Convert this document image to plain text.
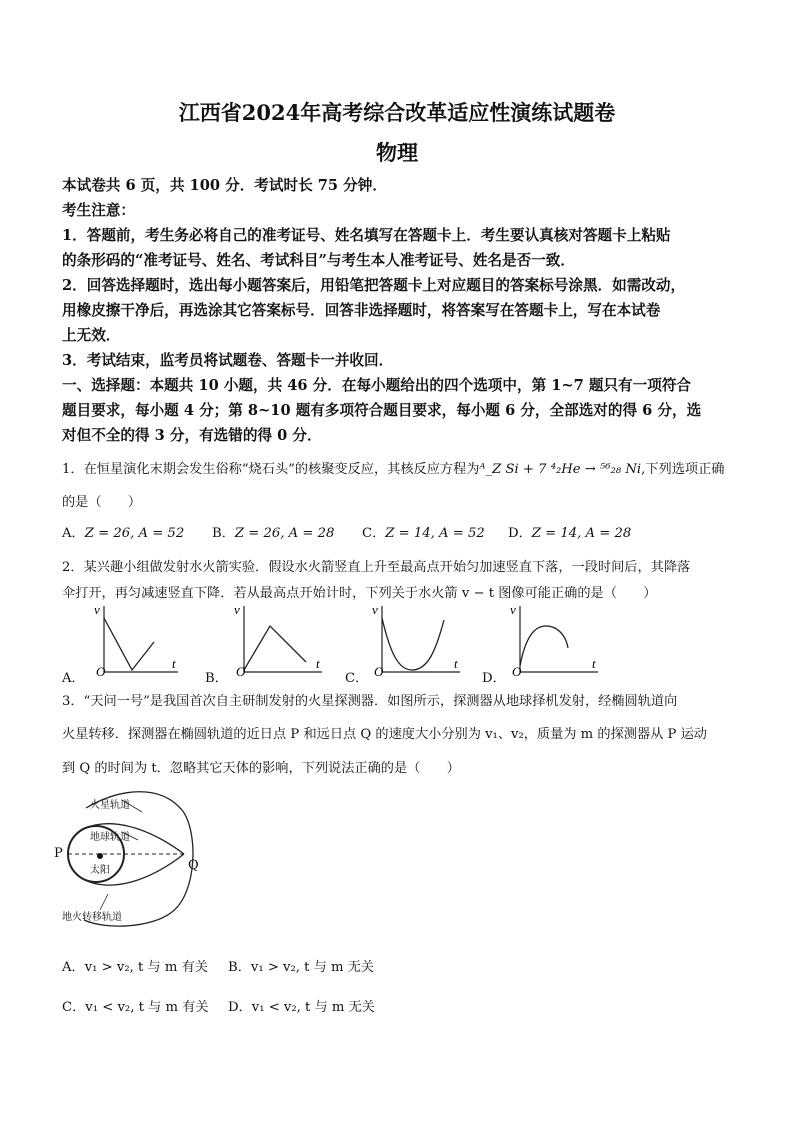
江西省2024年高考综合改革适应性演练试题卷
物理
本试卷共 6 页，共 100 分．考试时长 75 分钟．
考生注意：
1．答题前，考生务必将自己的准考证号、姓名填写在答题卡上．考生要认真核对答题卡上粘贴
的条形码的“准考证号、姓名、考试科目”与考生本人准考证号、姓名是否一致．
2．回答选择题时，选出每小题答案后，用铅笔把答题卡上对应题目的答案标号涂黑．如需改动，
用橡皮擦干净后，再选涂其它答案标号．回答非选择题时，将答案写在答题卡上，写在本试卷
上无效．
3．考试结束，监考员将试题卷、答题卡一并收回．
一、选择题：本题共 10 小题，共 46 分．在每小题给出的四个选项中，第 1~7 题只有一项符合
题目要求，每小题 4 分；第 8~10 题有多项符合题目要求，每小题 6 分，全部选对的得 6 分，选
对但不全的得 3 分，有选错的得 0 分．
1．在恒星演化末期会发生俗称“烧石头”的核聚变反应，其核反应方程为ᴬ_Z Si + 7 ⁴₂He → ⁵⁶₂₈ Ni,下列选项正确
的是（　　）
A．Z = 26, A = 52 B．Z = 26, A = 28 C．Z = 14, A = 52 D．Z = 14, A = 28
2．某兴趣小组做发射水火箭实验．假设水火箭竖直上升至最高点开始匀加速竖直下落，一段时间后，其降落
伞打开，再匀减速竖直下降．若从最高点开始计时，下列关于水火箭 v − t 图像可能正确的是（　　）
A．
v
t
O	B．
v
t
O	C．
v
t
O	D．
v
t
O
3．“天问一号”是我国首次自主研制发射的火星探测器．如图所示，探测器从地球择机发射，经椭圆轨道向
火星转移．探测器在椭圆轨道的近日点 P 和远日点 Q 的速度大小分别为 v₁、v₂，质量为 m 的探测器从 P 运动
到 Q 的时间为 t．忽略其它天体的影响，下列说法正确的是（　　）
火星轨道
地球轨道
太阳
地火转移轨道
P
Q
A．v₁ > v₂, t 与 m 有关 B．v₁ > v₂, t 与 m 无关
C．v₁ < v₂, t 与 m 有关 D．v₁ < v₂, t 与 m 无关
